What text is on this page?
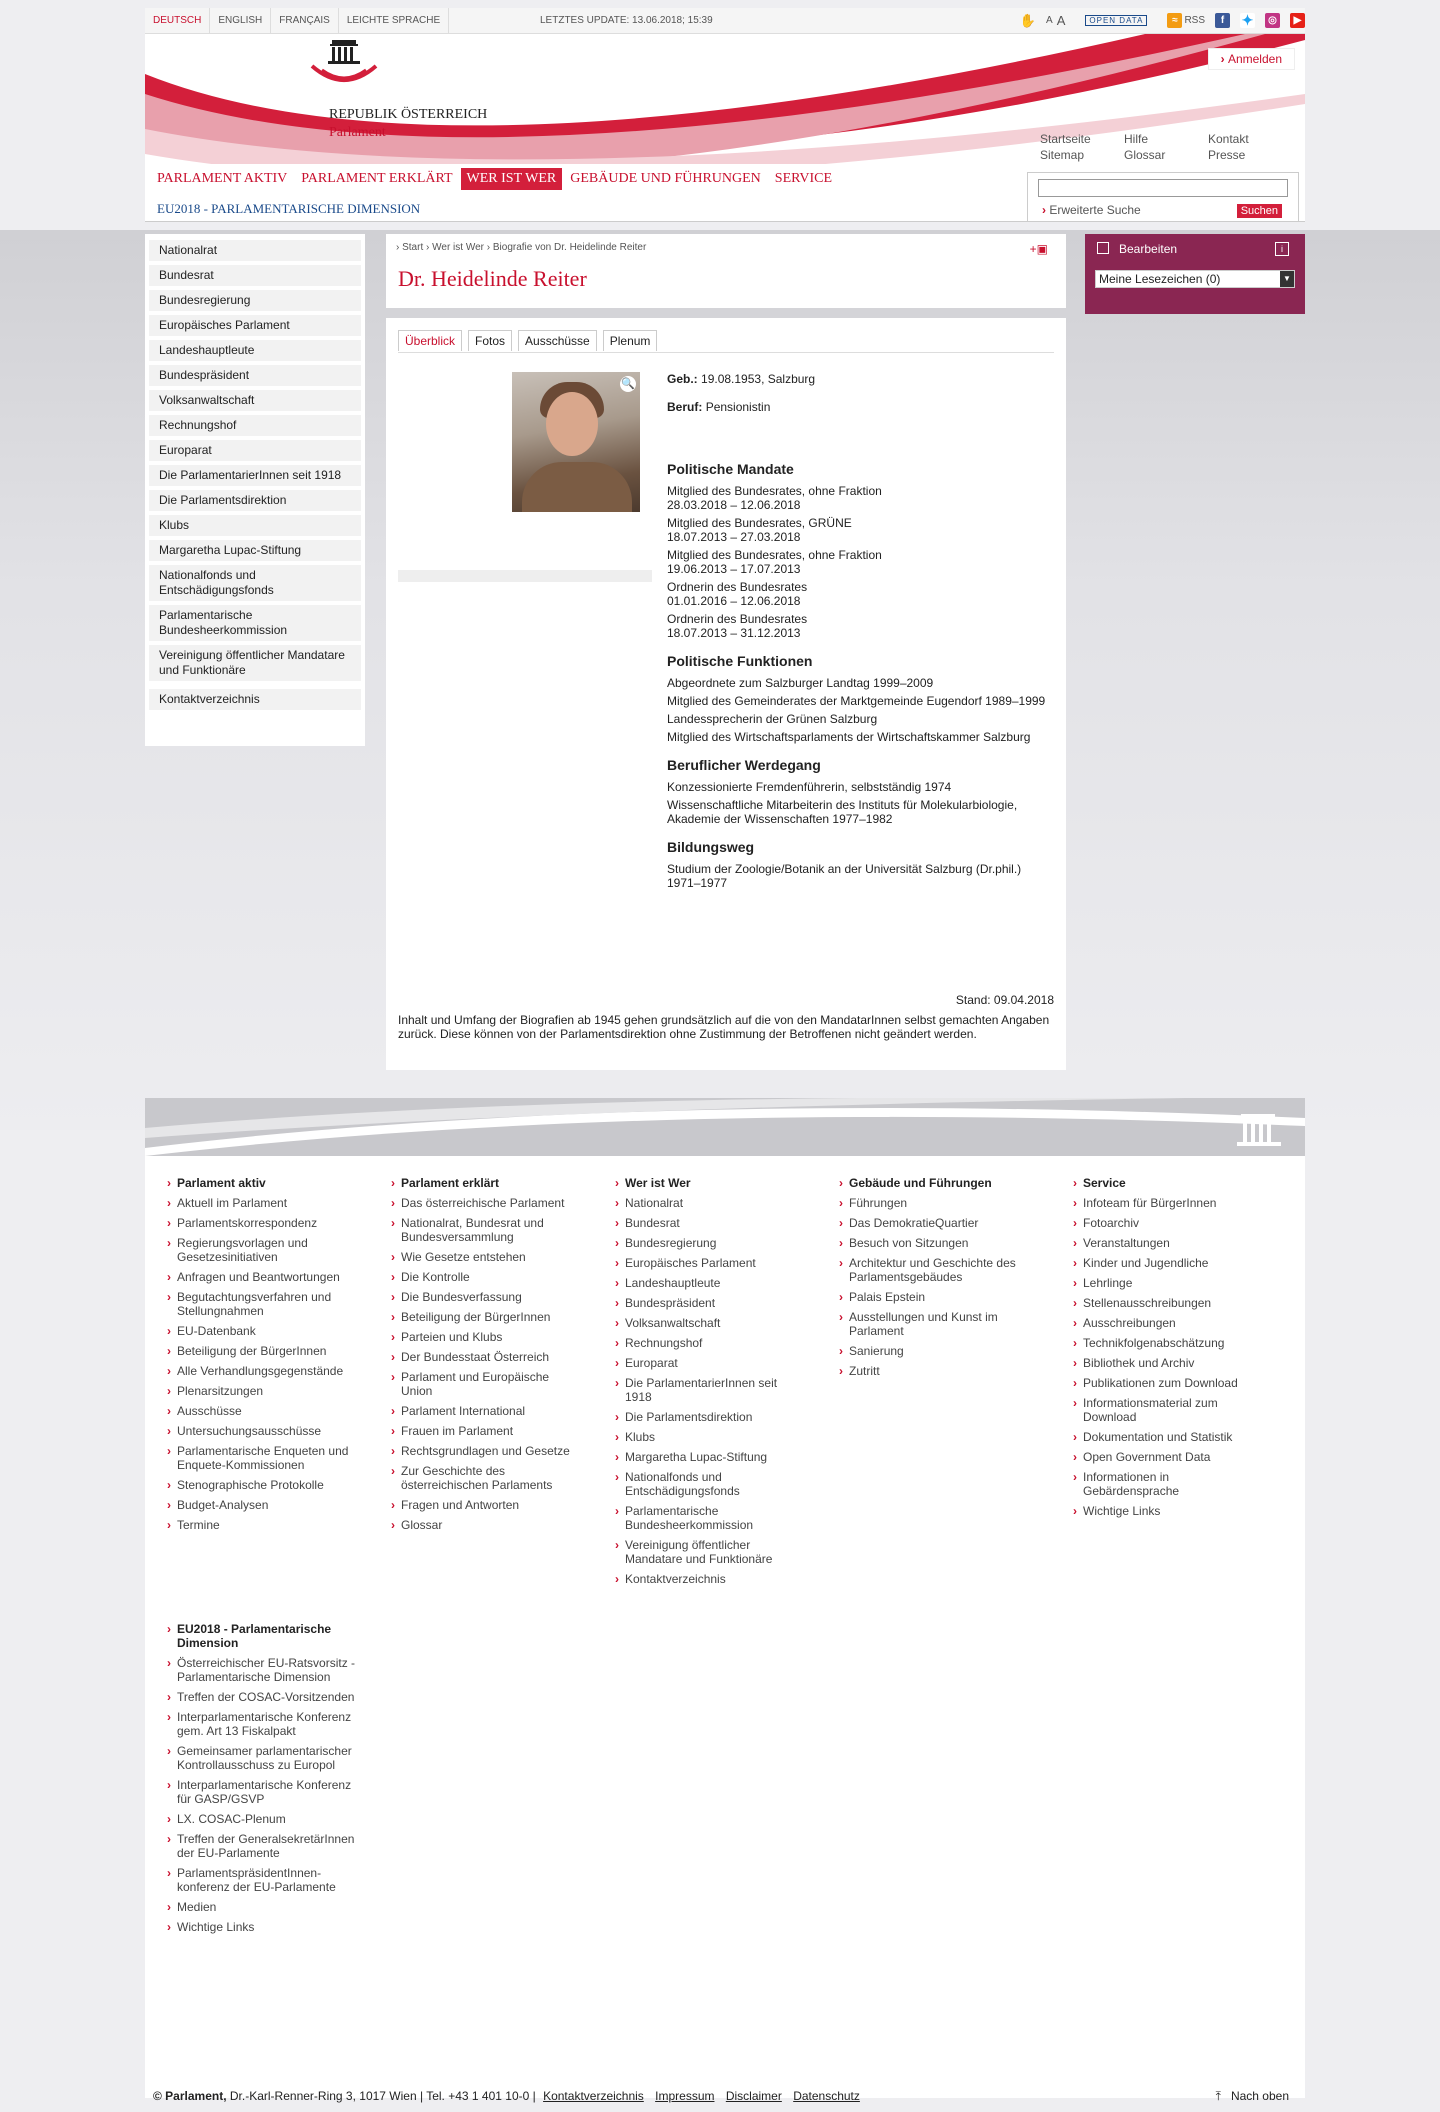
DEUTSCH	ENGLISH	FRANÇAIS	LEICHTE SPRACHE	LETZTES UPDATE: 13.06.2018; 15:39	✋ A A	OPEN DATA	≈ RSS	f	✦	◎	▶
REPUBLIK ÖSTERREICH
Parlament
› Anmelden
Startseite	Hilfe	Kontakt
Sitemap	Glossar	Presse
PARLAMENT AKTIV	PARLAMENT ERKLÄRT	WER IST WER	GEBÄUDE UND FÜHRUNGEN	SERVICE
EU2018 - PARLAMENTARISCHE DIMENSION	› Erweiterte Suche	Suchen
Nationalrat
Bundesrat
Bundesregierung
Europäisches Parlament
Landeshauptleute
Bundespräsident
Volksanwaltschaft
Rechnungshof
Europarat
Die ParlamentarierInnen seit 1918
Die Parlamentsdirektion
Klubs
Margaretha Lupac-Stiftung
Nationalfonds und Entschädigungsfonds
Parlamentarische Bundesheerkommission
Vereinigung öffentlicher Mandatare und Funktionäre
Kontaktverzeichnis
› Start › Wer ist Wer › Biografie von Dr. Heidelinde Reiter	+▣
Dr. Heidelinde Reiter
Überblick	Fotos	Ausschüsse	Plenum
🔍	Geb.: 19.08.1953, Salzburg
Beruf: Pensionistin
Politische Mandate
Mitglied des Bundesrates, ohne Fraktion
28.03.2018 – 12.06.2018
Mitglied des Bundesrates, GRÜNE
18.07.2013 – 27.03.2018
Mitglied des Bundesrates, ohne Fraktion
19.06.2013 – 17.07.2013
Ordnerin des Bundesrates
01.01.2016 – 12.06.2018
Ordnerin des Bundesrates
18.07.2013 – 31.12.2013
Politische Funktionen
Abgeordnete zum Salzburger Landtag 1999–2009
Mitglied des Gemeinderates der Marktgemeinde Eugendorf 1989–1999
Landessprecherin der Grünen Salzburg
Mitglied des Wirtschaftsparlaments der Wirtschaftskammer Salzburg
Beruflicher Werdegang
Konzessionierte Fremdenführerin, selbstständig 1974
Wissenschaftliche Mitarbeiterin des Instituts für Molekularbiologie, Akademie der Wissenschaften 1977–1982
Bildungsweg
Studium der Zoologie/Botanik an der Universität Salzburg (Dr.phil.) 1971–1977
Stand: 09.04.2018
Inhalt und Umfang der Biografien ab 1945 gehen grundsätzlich auf die von den MandatarInnen selbst gemachten Angaben zurück. Diese können von der Parlamentsdirektion ohne Zustimmung der Betroffenen nicht geändert werden.
Bearbeiten	i
Meine Lesezeichen (0)	▼
› Parlament aktiv
› Aktuell im Parlament
› Parlamentskorrespondenz
› Regierungsvorlagen und Gesetzesinitiativen
› Anfragen und Beantwortungen
› Begutachtungsverfahren und Stellungnahmen
› EU-Datenbank
› Beteiligung der BürgerInnen
› Alle Verhandlungsgegenstände
› Plenarsitzungen
› Ausschüsse
› Untersuchungsausschüsse
› Parlamentarische Enqueten und Enquete-Kommissionen
› Stenographische Protokolle
› Budget-Analysen
› Termine
› Parlament erklärt
› Das österreichische Parlament
› Nationalrat, Bundesrat und Bundesversammlung
› Wie Gesetze entstehen
› Die Kontrolle
› Die Bundesverfassung
› Beteiligung der BürgerInnen
› Parteien und Klubs
› Der Bundesstaat Österreich
› Parlament und Europäische Union
› Parlament International
› Frauen im Parlament
› Rechtsgrundlagen und Gesetze
› Zur Geschichte des österreichischen Parlaments
› Fragen und Antworten
› Glossar
› Wer ist Wer
› Nationalrat
› Bundesrat
› Bundesregierung
› Europäisches Parlament
› Landeshauptleute
› Bundespräsident
› Volksanwaltschaft
› Rechnungshof
› Europarat
› Die ParlamentarierInnen seit 1918
› Die Parlamentsdirektion
› Klubs
› Margaretha Lupac-Stiftung
› Nationalfonds und Entschädigungsfonds
› Parlamentarische Bundesheerkommission
› Vereinigung öffentlicher Mandatare und Funktionäre
› Kontaktverzeichnis
› Gebäude und Führungen
› Führungen
› Das DemokratieQuartier
› Besuch von Sitzungen
› Architektur und Geschichte des Parlamentsgebäudes
› Palais Epstein
› Ausstellungen und Kunst im Parlament
› Sanierung
› Zutritt
› Service
› Infoteam für BürgerInnen
› Fotoarchiv
› Veranstaltungen
› Kinder und Jugendliche
› Lehrlinge
› Stellenausschreibungen
› Ausschreibungen
› Technikfolgenabschätzung
› Bibliothek und Archiv
› Publikationen zum Download
› Informationsmaterial zum Download
› Dokumentation und Statistik
› Open Government Data
› Informationen in Gebärdensprache
› Wichtige Links
› EU2018 - Parlamentarische Dimension
› Österreichischer EU-Ratsvorsitz - Parlamentarische Dimension
› Treffen der COSAC-Vorsitzenden
› Interparlamentarische Konferenz gem. Art 13 Fiskalpakt
› Gemeinsamer parlamentarischer Kontrollausschuss zu Europol
› Interparlamentarische Konferenz für GASP/GSVP
› LX. COSAC-Plenum
› Treffen der GeneralsekretärInnen der EU-Parlamente
› ParlamentspräsidentInnen-konferenz der EU-Parlamente
› Medien
› Wichtige Links
© Parlament, Dr.-Karl-Renner-Ring 3, 1017 Wien | Tel. +43 1 401 10-0 | Kontaktverzeichnis Impressum Disclaimer Datenschutz	⤒ Nach oben
